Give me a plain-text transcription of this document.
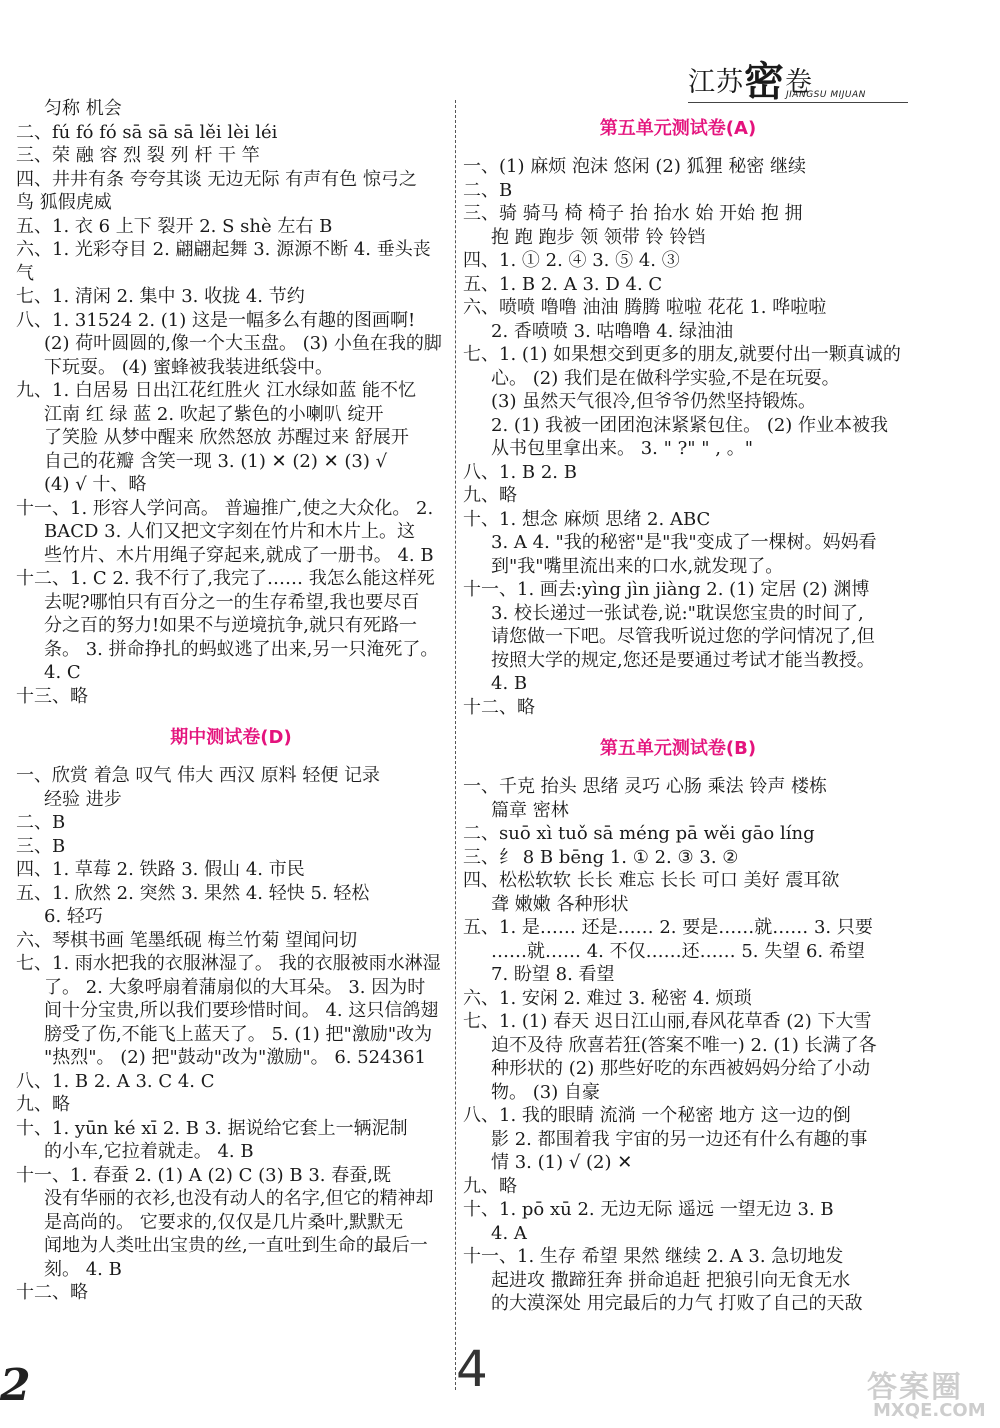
江苏密卷
JIANGSU MIJUAN
匀称 机会
二、fú fó fó sā sā sā lěi lèi léi
三、荣 融 容 烈 裂 列 杆 干 竿
四、井井有条 夸夸其谈 无边无际 有声有色 惊弓之
鸟 狐假虎威
五、1. 衣 6 上下 裂开 2. S shè 左右 B
六、1. 光彩夺目 2. 翩翩起舞 3. 源源不断 4. 垂头丧
气
七、1. 清闲 2. 集中 3. 收拢 4. 节约
八、1. 31524 2. (1) 这是一幅多么有趣的图画啊!
(2) 荷叶圆圆的,像一个大玉盘。 (3) 小鱼在我的脚
下玩耍。 (4) 蜜蜂被我装进纸袋中。
九、1. 白居易 日出江花红胜火 江水绿如蓝 能不忆
江南 红 绿 蓝 2. 吹起了紫色的小喇叭 绽开
了笑脸 从梦中醒来 欣然怒放 苏醒过来 舒展开
自己的花瓣 含笑一现 3. (1) ✕ (2) ✕ (3) √
(4) √ 十、略
十一、1. 形容人学问高。 普遍推广,使之大众化。 2.
BACD 3. 人们又把文字刻在竹片和木片上。这
些竹片、木片用绳子穿起来,就成了一册书。 4. B
十二、1. C 2. 我不行了,我完了…… 我怎么能这样死
去呢?哪怕只有百分之一的生存希望,我也要尽百
分之百的努力!如果不与逆境抗争,就只有死路一
条。 3. 拼命挣扎的蚂蚁逃了出来,另一只淹死了。
4. C
十三、略
期中测试卷(D)
一、欣赏 着急 叹气 伟大 西汉 原料 轻便 记录
经验 进步
二、B
三、B
四、1. 草莓 2. 铁路 3. 假山 4. 市民
五、1. 欣然 2. 突然 3. 果然 4. 轻快 5. 轻松
6. 轻巧
六、琴棋书画 笔墨纸砚 梅兰竹菊 望闻问切
七、1. 雨水把我的衣服淋湿了。 我的衣服被雨水淋湿
了。 2. 大象呼扇着蒲扇似的大耳朵。 3. 因为时
间十分宝贵,所以我们要珍惜时间。 4. 这只信鸽翅
膀受了伤,不能飞上蓝天了。 5. (1) 把"激励"改为
"热烈"。 (2) 把"鼓动"改为"激励"。 6. 524361
八、1. B 2. A 3. C 4. C
九、略
十、1. yūn ké xī 2. B 3. 据说给它套上一辆泥制
的小车,它拉着就走。 4. B
十一、1. 春蚕 2. (1) A (2) C (3) B 3. 春蚕,既
没有华丽的衣衫,也没有动人的名字,但它的精神却
是高尚的。 它要求的,仅仅是几片桑叶,默默无
闻地为人类吐出宝贵的丝,一直吐到生命的最后一
刻。 4. B
十二、略
第五单元测试卷(A)
一、(1) 麻烦 泡沫 悠闲 (2) 狐狸 秘密 继续
二、B
三、骑 骑马 椅 椅子 抬 抬水 始 开始 抱 拥
抱 跑 跑步 领 领带 铃 铃铛
四、1. ① 2. ④ 3. ⑤ 4. ③
五、1. B 2. A 3. D 4. C
六、喷喷 噜噜 油油 腾腾 啦啦 花花 1. 哗啦啦
2. 香喷喷 3. 咕噜噜 4. 绿油油
七、1. (1) 如果想交到更多的朋友,就要付出一颗真诚的
心。 (2) 我们是在做科学实验,不是在玩耍。
(3) 虽然天气很冷,但爷爷仍然坚持锻炼。
2. (1) 我被一团团泡沫紧紧包住。 (2) 作业本被我
从书包里拿出来。 3. " ?" " , 。"
八、1. B 2. B
九、略
十、1. 想念 麻烦 思绪 2. ABC
3. A 4. "我的秘密"是"我"变成了一棵树。妈妈看
到"我"嘴里流出来的口水,就发现了。
十一、1. 画去:yìng jìn jiàng 2. (1) 定居 (2) 渊博
3. 校长递过一张试卷,说:"耽误您宝贵的时间了,
请您做一下吧。尽管我听说过您的学问情况了,但
按照大学的规定,您还是要通过考试才能当教授。
4. B
十二、略
第五单元测试卷(B)
一、千克 抬头 思绪 灵巧 心肠 乘法 铃声 楼栋
篇章 密林
二、suō xì tuǒ sā méng pā wěi gāo líng
三、纟 8 B bēng 1. ① 2. ③ 3. ②
四、松松软软 长长 难忘 长长 可口 美好 震耳欲
聋 嫩嫩 各种形状
五、1. 是…… 还是…… 2. 要是……就…… 3. 只要
……就…… 4. 不仅……还…… 5. 失望 6. 希望
7. 盼望 8. 看望
六、1. 安闲 2. 难过 3. 秘密 4. 烦琐
七、1. (1) 春天 迟日江山丽,春风花草香 (2) 下大雪
迫不及待 欣喜若狂(答案不唯一) 2. (1) 长满了各
种形状的 (2) 那些好吃的东西被妈妈分给了小动
物。 (3) 自豪
八、1. 我的眼睛 流淌 一个秘密 地方 这一边的倒
影 2. 都围着我 宇宙的另一边还有什么有趣的事
情 3. (1) √ (2) ✕
九、略
十、1. pō xū 2. 无边无际 遥远 一望无边 3. B
4. A
十一、1. 生存 希望 果然 继续 2. A 3. 急切地发
起进攻 撒蹄狂奔 拼命追赶 把狼引向无食无水
的大漠深处 用完最后的力气 打败了自己的天敌
2	4	答案圈
MXQE.COM
